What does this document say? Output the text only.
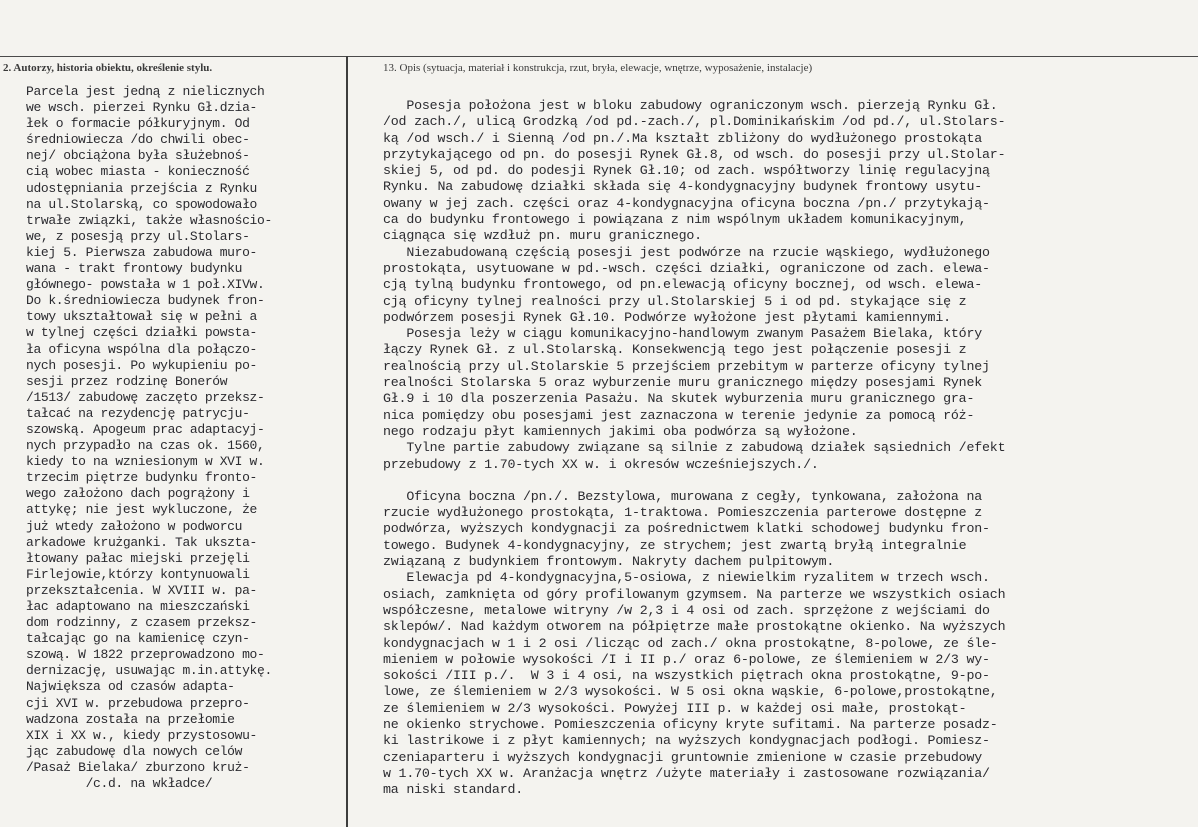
2. Autorzy, historia obiektu, określenie stylu.	13. Opis (sytuacja, materiał i konstrukcja, rzut, bryła, elewacje, wnętrze, wyposażenie, instalacje)
Parcela jest jedną z nielicznych
we wsch. pierzei Rynku Gł.dzia-
łek o formacie półkuryjnym. Od
średniowiecza /do chwili obec-
nej/ obciążona była służebnoś-
cią wobec miasta - konieczność
udostępniania przejścia z Rynku
na ul.Stolarską, co spowodowało
trwałe związki, także własnościo-
we, z posesją przy ul.Stolars-
kiej 5. Pierwsza zabudowa muro-
wana - trakt frontowy budynku
głównego- powstała w 1 poł.XIVw.
Do k.średniowiecza budynek fron-
towy ukształtował się w pełni a
w tylnej części działki powsta-
ła oficyna wspólna dla połączo-
nych posesji. Po wykupieniu po-
sesji przez rodzinę Bonerów
/1513/ zabudowę zaczęto przeksz-
tałcać na rezydencję patrycju-
szowską. Apogeum prac adaptacyj-
nych przypadło na czas ok. 1560,
kiedy to na wzniesionym w XVI w.
trzecim piętrze budynku fronto-
wego założono dach pogrążony i
attykę; nie jest wykluczone, że
już wtedy założono w podworcu
arkadowe krużganki. Tak ukszta-
łtowany pałac miejski przejęli
Firlejowie,którzy kontynuowali
przekształcenia. W XVIII w. pa-
łac adaptowano na mieszczański
dom rodzinny, z czasem przeksz-
tałcając go na kamienicę czyn-
szową. W 1822 przeprowadzono mo-
dernizację, usuwając m.in.attykę.
Największa od czasów adapta-
cji XVI w. przebudowa przepro-
wadzona została na przełomie
XIX i XX w., kiedy przystosowu-
jąc zabudowę dla nowych celów
/Pasaż Bielaka/ zburzono kruż-
/c.d. na wkładce/
Posesja położona jest w bloku zabudowy ograniczonym wsch. pierzeją Rynku Gł.
/od zach./, ulicą Grodzką /od pd.-zach./, pl.Dominikańskim /od pd./, ul.Stolars-
ką /od wsch./ i Sienną /od pn./.Ma kształt zbliżony do wydłużonego prostokąta
przytykającego od pn. do posesji Rynek Gł.8, od wsch. do posesji przy ul.Stolar-
skiej 5, od pd. do podesji Rynek Gł.10; od zach. współtworzy linię regulacyjną
Rynku. Na zabudowę działki składa się 4-kondygnacyjny budynek frontowy usytu-
owany w jej zach. części oraz 4-kondygnacyjna oficyna boczna /pn./ przytykają-
ca do budynku frontowego i powiązana z nim wspólnym układem komunikacyjnym,
ciągnąca się wzdłuż pn. muru granicznego.
Niezabudowaną częścią posesji jest podwórze na rzucie wąskiego, wydłużonego
prostokąta, usytuowane w pd.-wsch. części działki, ograniczone od zach. elewa-
cją tylną budynku frontowego, od pn.elewacją oficyny bocznej, od wsch. elewa-
cją oficyny tylnej realności przy ul.Stolarskiej 5 i od pd. stykające się z
podwórzem posesji Rynek Gł.10. Podwórze wyłożone jest płytami kamiennymi.
Posesja leży w ciągu komunikacyjno-handlowym zwanym Pasażem Bielaka, który
łączy Rynek Gł. z ul.Stolarską. Konsekwencją tego jest połączenie posesji z
realnością przy ul.Stolarskie 5 przejściem przebitym w parterze oficyny tylnej
realności Stolarska 5 oraz wyburzenie muru granicznego między posesjami Rynek
Gł.9 i 10 dla poszerzenia Pasażu. Na skutek wyburzenia muru granicznego gra-
nica pomiędzy obu posesjami jest zaznaczona w terenie jedynie za pomocą róż-
nego rodzaju płyt kamiennych jakimi oba podwórza są wyłożone.
Tylne partie zabudowy związane są silnie z zabudową działek sąsiednich /efekt
przebudowy z 1.70-tych XX w. i okresów wcześniejszych./.
Oficyna boczna /pn./. Bezstylowa, murowana z cegły, tynkowana, założona na
rzucie wydłużonego prostokąta, 1-traktowa. Pomieszczenia parterowe dostępne z
podwórza, wyższych kondygnacji za pośrednictwem klatki schodowej budynku fron-
towego. Budynek 4-kondygnacyjny, ze strychem; jest zwartą bryłą integralnie
związaną z budynkiem frontowym. Nakryty dachem pulpitowym.
Elewacja pd 4-kondygnacyjna,5-osiowa, z niewielkim ryzalitem w trzech wsch.
osiach, zamknięta od góry profilowanym gzymsem. Na parterze we wszystkich osiach
współczesne, metalowe witryny /w 2,3 i 4 osi od zach. sprzężone z wejściami do
sklepów/. Nad każdym otworem na półpiętrze małe prostokątne okienko. Na wyższych
kondygnacjach w 1 i 2 osi /licząc od zach./ okna prostokątne, 8-polowe, ze śle-
mieniem w połowie wysokości /I i II p./ oraz 6-polowe, ze ślemieniem w 2/3 wy-
sokości /III p./.  W 3 i 4 osi, na wszystkich piętrach okna prostokątne, 9-po-
lowe, ze ślemieniem w 2/3 wysokości. W 5 osi okna wąskie, 6-polowe,prostokątne,
ze ślemieniem w 2/3 wysokości. Powyżej III p. w każdej osi małe, prostokąt-
ne okienko strychowe. Pomieszczenia oficyny kryte sufitami. Na parterze posadz-
ki lastrikowe i z płyt kamiennych; na wyższych kondygnacjach podłogi. Pomiesz-
czeniaparteru i wyższych kondygnacji gruntownie zmienione w czasie przebudowy
w 1.70-tych XX w. Aranżacja wnętrz /użyte materiały i zastosowane rozwiązania/
ma niski standard.
